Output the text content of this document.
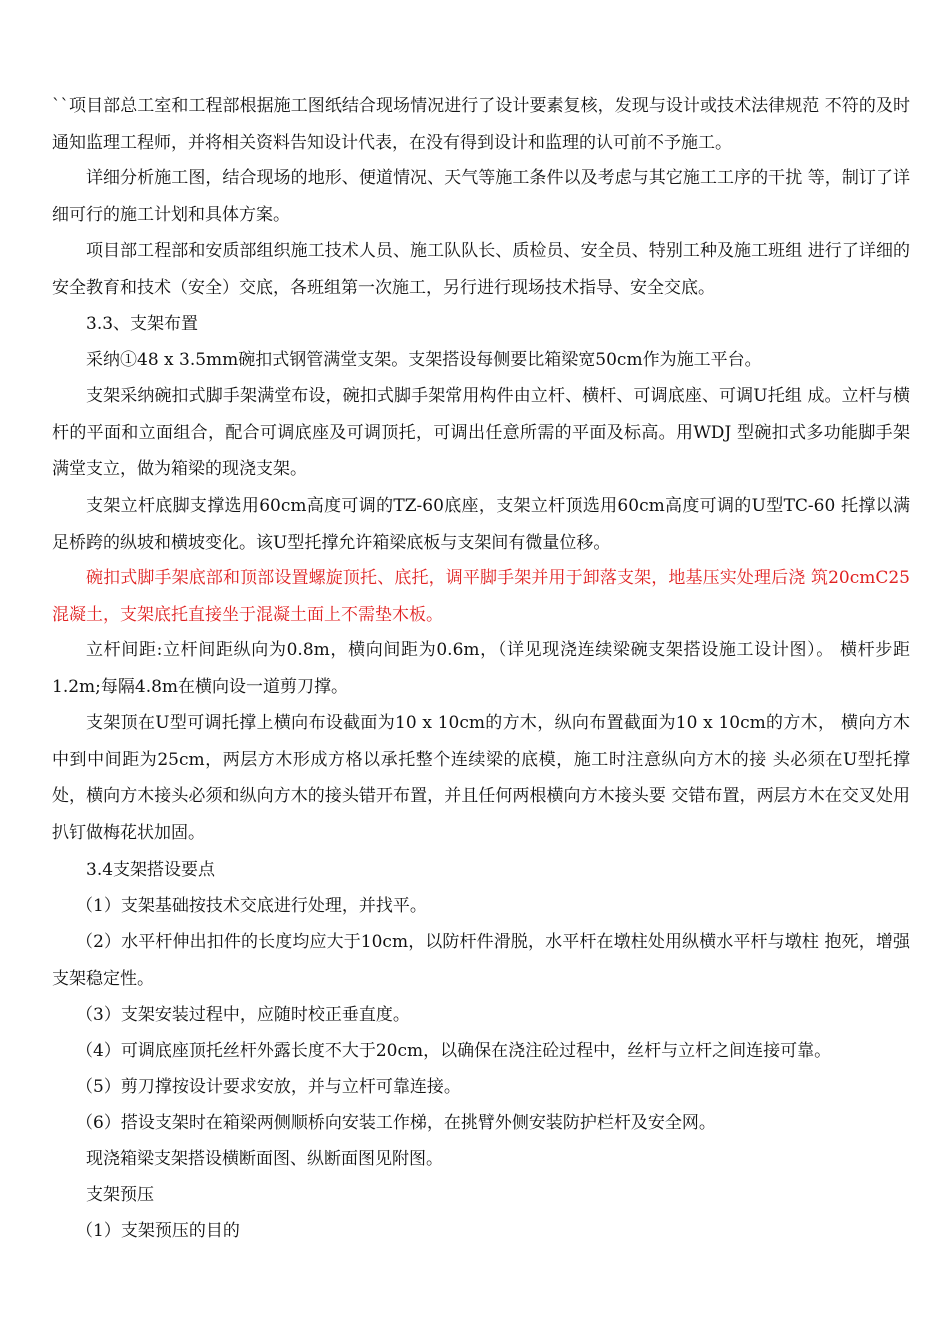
``项目部总工室和工程部根据施工图纸结合现场情况进行了设计要素复核，发现与设计或技术法律规范 不符的及时通知监理工程师，并将相关资料告知设计代表，在没有得到设计和监理的认可前不予施工。

详细分析施工图，结合现场的地形、便道情况、天气等施工条件以及考虑与其它施工工序的干扰 等，制订了详细可行的施工计划和具体方案。

项目部工程部和安质部组织施工技术人员、施工队队长、质检员、安全员、特别工种及施工班组 进行了详细的安全教育和技术（安全）交底，各班组第一次施工，另行进行现场技术指导、安全交底。

3.3、支架布置

采纳①48 x 3.5mm碗扣式钢管满堂支架。支架搭设每侧要比箱梁宽50cm作为施工平台。

支架采纳碗扣式脚手架满堂布设，碗扣式脚手架常用构件由立杆、横杆、可调底座、可调U托组 成。立杆与横杆的平面和立面组合，配合可调底座及可调顶托，可调出任意所需的平面及标高。用WDJ 型碗扣式多功能脚手架满堂支立，做为箱梁的现浇支架。

支架立杆底脚支撑选用60cm高度可调的TZ-60底座，支架立杆顶选用60cm高度可调的U型TC-60 托撑以满足桥跨的纵坡和横坡变化。该U型托撑允许箱梁底板与支架间有微量位移。

碗扣式脚手架底部和顶部设置螺旋顶托、底托，调平脚手架并用于卸落支架，地基压实处理后浇 筑20cmC25混凝土，支架底托直接坐于混凝土面上不需垫木板。

立杆间距:立杆间距纵向为0.8m，横向间距为0.6m，（详见现浇连续梁碗支架搭设施工设计图）。 横杆步距1.2m;每隔4.8m在横向设一道剪刀撑。

支架顶在U型可调托撑上横向布设截面为10 x 10cm的方木，纵向布置截面为10 x 10cm的方木， 横向方木中到中间距为25cm，两层方木形成方格以承托整个连续梁的底模，施工时注意纵向方木的接 头必须在U型托撑处，横向方木接头必须和纵向方木的接头错开布置，并且任何两根横向方木接头要 交错布置，两层方木在交叉处用扒钉做梅花状加固。

3.4支架搭设要点

（1）支架基础按技术交底进行处理，并找平。

（2）水平杆伸出扣件的长度均应大于10cm，以防杆件滑脱，水平杆在墩柱处用纵横水平杆与墩柱 抱死，增强支架稳定性。

（3）支架安装过程中，应随时校正垂直度。

（4）可调底座顶托丝杆外露长度不大于20cm，以确保在浇注砼过程中，丝杆与立杆之间连接可靠。

（5）剪刀撑按设计要求安放，并与立杆可靠连接。

（6）搭设支架时在箱梁两侧顺桥向安装工作梯，在挑臂外侧安装防护栏杆及安全网。

现浇箱梁支架搭设横断面图、纵断面图见附图。

支架预压

（1）支架预压的目的
